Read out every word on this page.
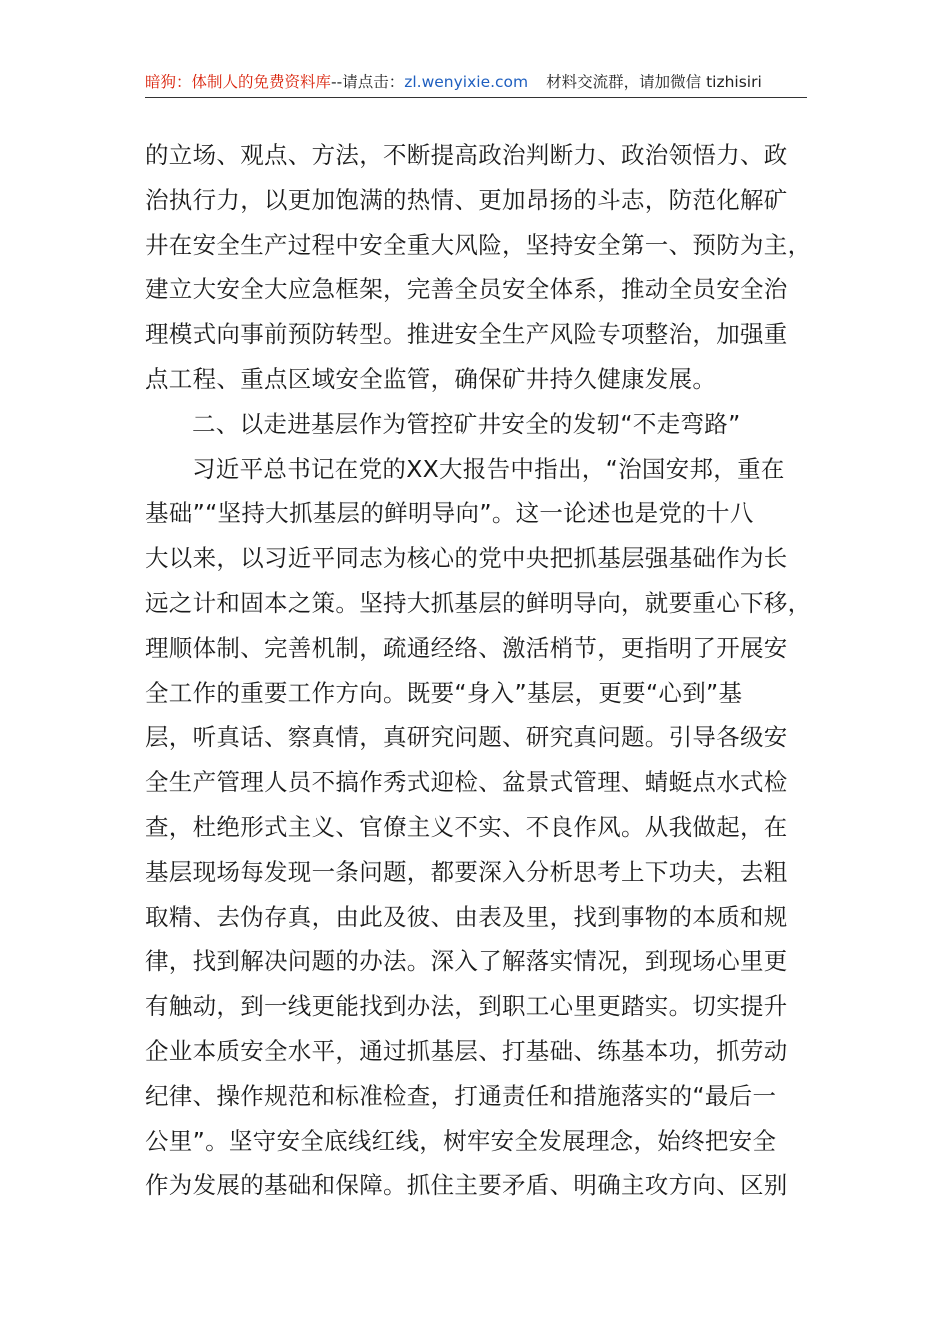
暗狗：体制人的免费资料库 --请点击： zl.wenyixie.com 材料交流群，请加微信 tizhisiri
的立场、观点、方法，不断提高政治判断力、政治领悟力、政
治执行力，以更加饱满的热情、更加昂扬的斗志，防范化解矿
井在安全生产过程中安全重大风险，坚持安全第一、预防为主，
建立大安全大应急框架，完善全员安全体系，推动全员安全治
理模式向事前预防转型。推进安全生产风险专项整治，加强重
点工程、重点区域安全监管，确保矿井持久健康发展。
二、以走进基层作为管控矿井安全的发轫“不走弯路”
习近平总书记在党的XX大报告中指出，“治国安邦，重在
基础”“坚持大抓基层的鲜明导向”。这一论述也是党的十八
大以来，以习近平同志为核心的党中央把抓基层强基础作为长
远之计和固本之策。坚持大抓基层的鲜明导向，就要重心下移，
理顺体制、完善机制，疏通经络、激活梢节，更指明了开展安
全工作的重要工作方向。既要“身入”基层，更要“心到”基
层，听真话、察真情，真研究问题、研究真问题。引导各级安
全生产管理人员不搞作秀式迎检、盆景式管理、蜻蜓点水式检
查，杜绝形式主义、官僚主义不实、不良作风。从我做起，在
基层现场每发现一条问题，都要深入分析思考上下功夫，去粗
取精、去伪存真，由此及彼、由表及里，找到事物的本质和规
律，找到解决问题的办法。深入了解落实情况，到现场心里更
有触动，到一线更能找到办法，到职工心里更踏实。切实提升
企业本质安全水平，通过抓基层、打基础、练基本功，抓劳动
纪律、操作规范和标准检查，打通责任和措施落实的“最后一
公里”。坚守安全底线红线，树牢安全发展理念，始终把安全
作为发展的基础和保障。抓住主要矛盾、明确主攻方向、区别
